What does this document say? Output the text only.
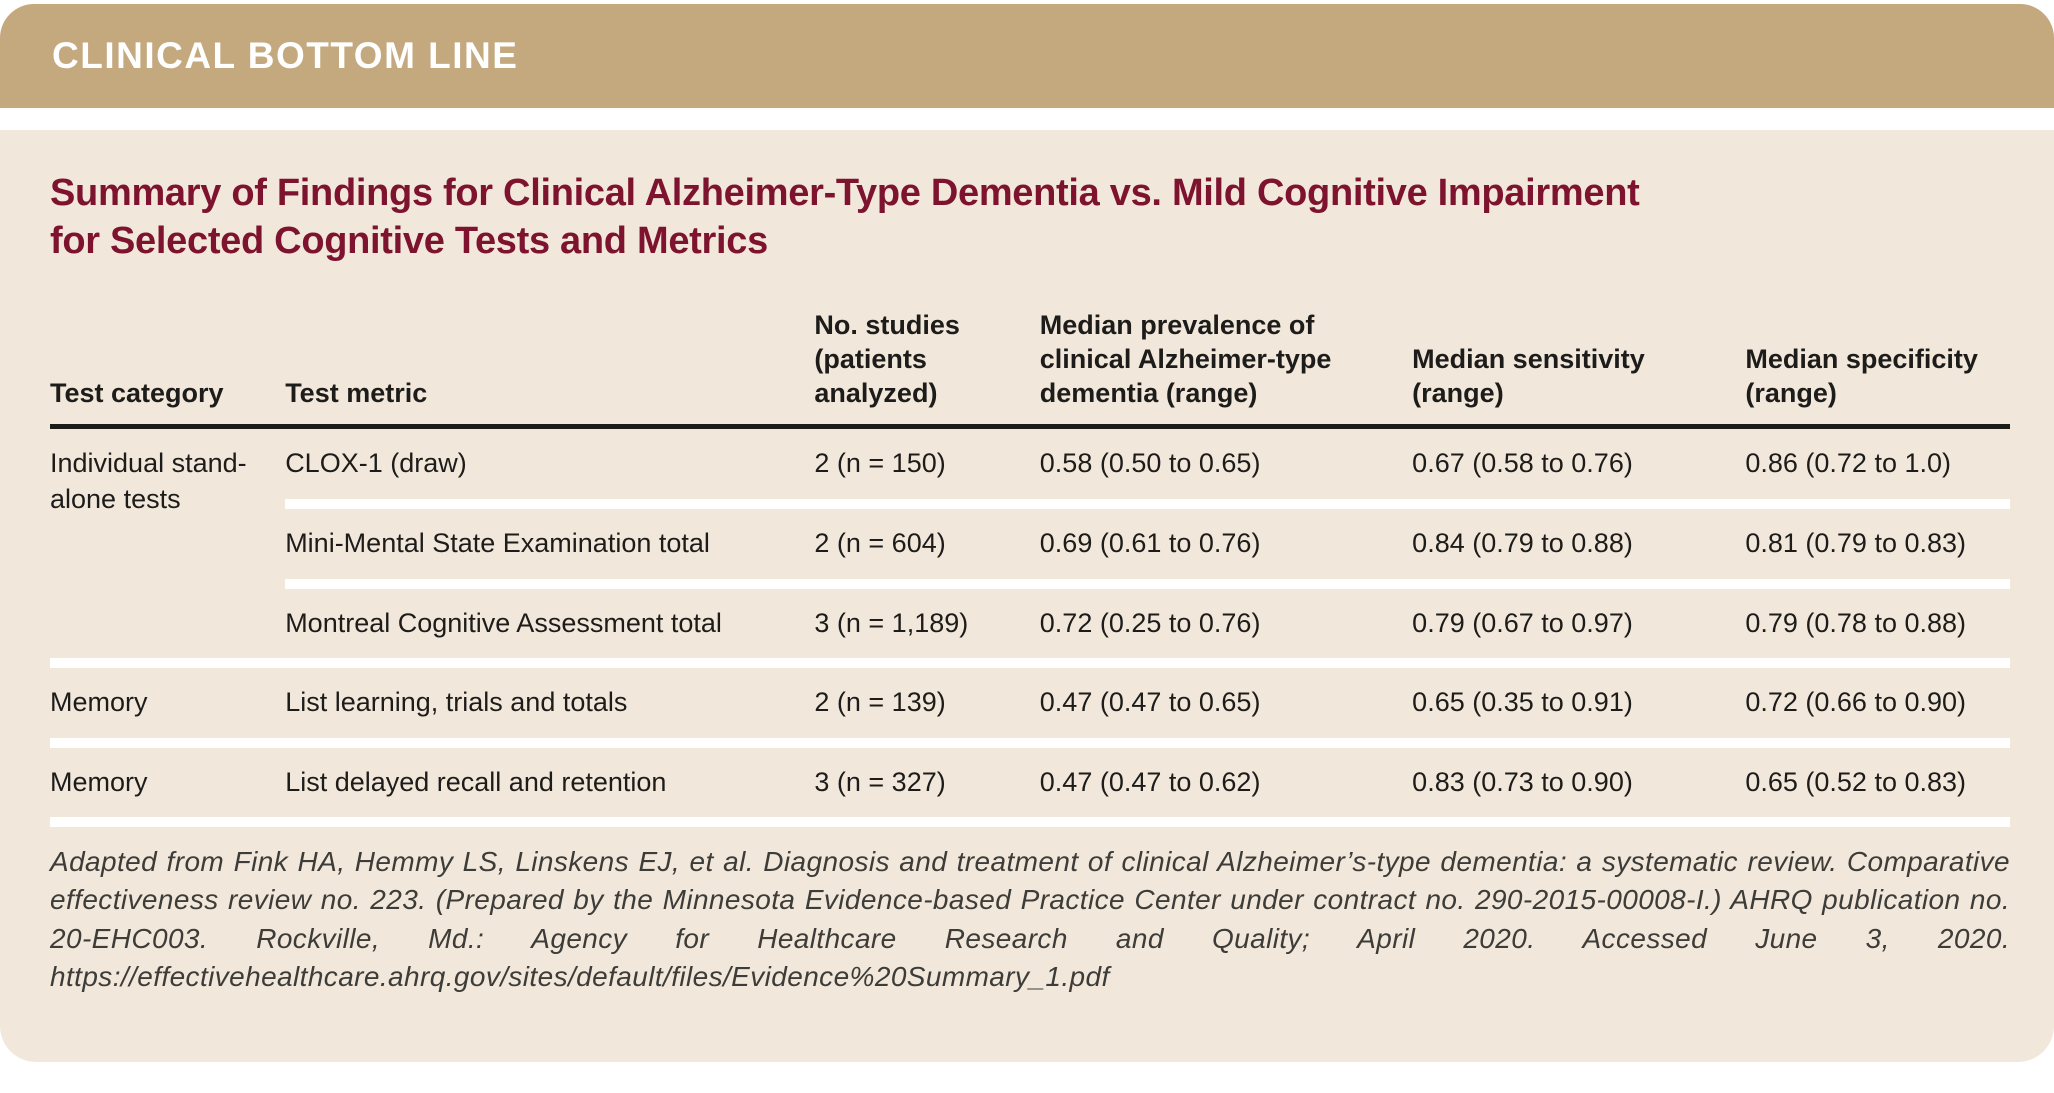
CLINICAL BOTTOM LINE
Summary of Findings for Clinical Alzheimer-Type Dementia vs. Mild Cognitive Impairment
for Selected Cognitive Tests and Metrics
Test category	Test metric	No. studies (patients analyzed)	Median prevalence of clinical Alzheimer-type dementia (range)	Median sensitivity (range)	Median specificity (range)
Individual stand-alone tests	CLOX-1 (draw)	2 (n = 150)	0.58 (0.50 to 0.65)	0.67 (0.58 to 0.76)	0.86 (0.72 to 1.0)
	Mini-Mental State Examination total	2 (n = 604)	0.69 (0.61 to 0.76)	0.84 (0.79 to 0.88)	0.81 (0.79 to 0.83)
	Montreal Cognitive Assessment total	3 (n = 1,189)	0.72 (0.25 to 0.76)	0.79 (0.67 to 0.97)	0.79 (0.78 to 0.88)
Memory	List learning, trials and totals	2 (n = 139)	0.47 (0.47 to 0.65)	0.65 (0.35 to 0.91)	0.72 (0.66 to 0.90)
Memory	List delayed recall and retention	3 (n = 327)	0.47 (0.47 to 0.62)	0.83 (0.73 to 0.90)	0.65 (0.52 to 0.83)

Adapted from Fink HA, Hemmy LS, Linskens EJ, et al. Diagnosis and treatment of clinical Alzheimer’s-type dementia: a systematic review. Comparative effectiveness review no. 223. (Prepared by the Minnesota Evidence-based Practice Center under contract no. 290-2015-00008-I.) AHRQ publication no. 20-EHC003. Rockville, Md.: Agency for Healthcare Research and Quality; April 2020. Accessed June 3, 2020. https://effectivehealthcare.ahrq.gov/sites/default/files/Evidence%20Summary_1.pdf
